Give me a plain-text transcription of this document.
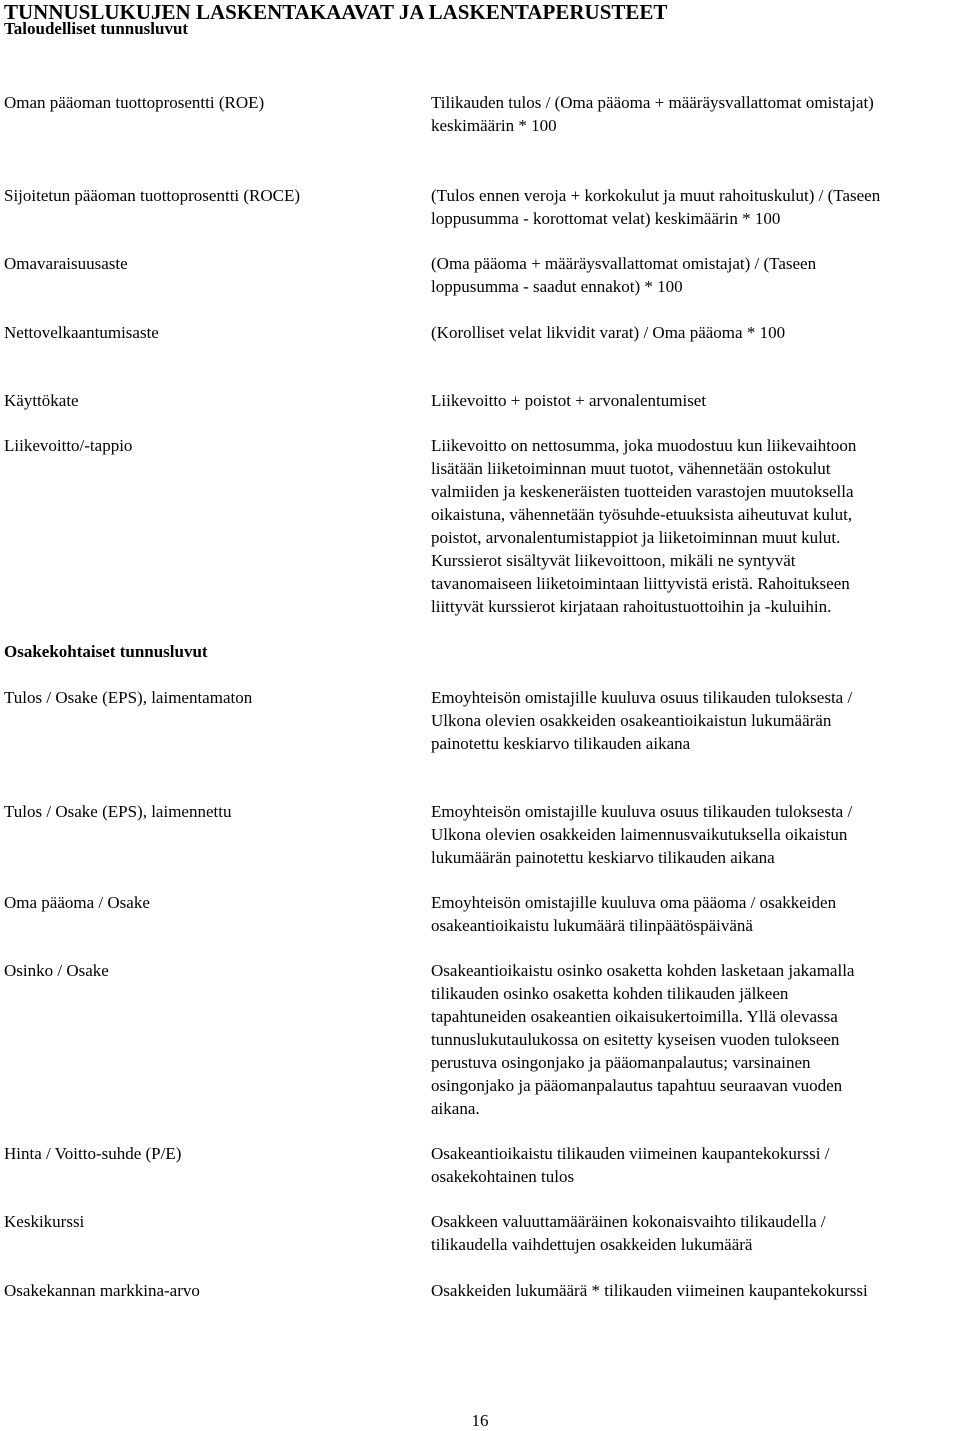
TUNNUSLUKUJEN LASKENTAKAAVAT JA LASKENTAPERUSTEET
Taloudelliset tunnusluvut
Oman pääoman tuottoprosentti (ROE)	Tilikauden tulos / (Oma pääoma + määräysvallattomat omistajat)
keskimäärin * 100
Sijoitetun pääoman tuottoprosentti (ROCE)	(Tulos ennen veroja + korkokulut ja muut rahoituskulut) / (Taseen
loppusumma - korottomat velat) keskimäärin * 100
Omavaraisuusaste	(Oma pääoma + määräysvallattomat omistajat) / (Taseen
loppusumma - saadut ennakot) * 100
Nettovelkaantumisaste	(Korolliset velat likvidit varat) / Oma pääoma * 100
Käyttökate	Liikevoitto + poistot + arvonalentumiset
Liikevoitto/-tappio	Liikevoitto on nettosumma, joka muodostuu kun liikevaihtoon
lisätään liiketoiminnan muut tuotot, vähennetään ostokulut
valmiiden ja keskeneräisten tuotteiden varastojen muutoksella
oikaistuna, vähennetään työsuhde-etuuksista aiheutuvat kulut,
poistot, arvonalentumistappiot ja liiketoiminnan muut kulut.
Kurssierot sisältyvät liikevoittoon, mikäli ne syntyvät
tavanomaiseen liiketoimintaan liittyvistä eristä. Rahoitukseen
liittyvät kurssierot kirjataan rahoitustuottoihin ja -kuluihin.
Osakekohtaiset tunnusluvut
Tulos / Osake (EPS), laimentamaton	Emoyhteisön omistajille kuuluva osuus tilikauden tuloksesta /
Ulkona olevien osakkeiden osakeantioikaistun lukumäärän
painotettu keskiarvo tilikauden aikana
Tulos / Osake (EPS), laimennettu	Emoyhteisön omistajille kuuluva osuus tilikauden tuloksesta /
Ulkona olevien osakkeiden laimennusvaikutuksella oikaistun
lukumäärän painotettu keskiarvo tilikauden aikana
Oma pääoma / Osake	Emoyhteisön omistajille kuuluva oma pääoma / osakkeiden
osakeantioikaistu lukumäärä tilinpäätöspäivänä
Osinko / Osake	Osakeantioikaistu osinko osaketta kohden lasketaan jakamalla
tilikauden osinko osaketta kohden tilikauden jälkeen
tapahtuneiden osakeantien oikaisukertoimilla. Yllä olevassa
tunnuslukutaulukossa on esitetty kyseisen vuoden tulokseen
perustuva osingonjako ja pääomanpalautus; varsinainen
osingonjako ja pääomanpalautus tapahtuu seuraavan vuoden
aikana.
Hinta / Voitto-suhde (P/E)	Osakeantioikaistu tilikauden viimeinen kaupantekokurssi /
osakekohtainen tulos
Keskikurssi	Osakkeen valuuttamääräinen kokonaisvaihto tilikaudella /
tilikaudella vaihdettujen osakkeiden lukumäärä
Osakekannan markkina-arvo	Osakkeiden lukumäärä * tilikauden viimeinen kaupantekokurssi
16
